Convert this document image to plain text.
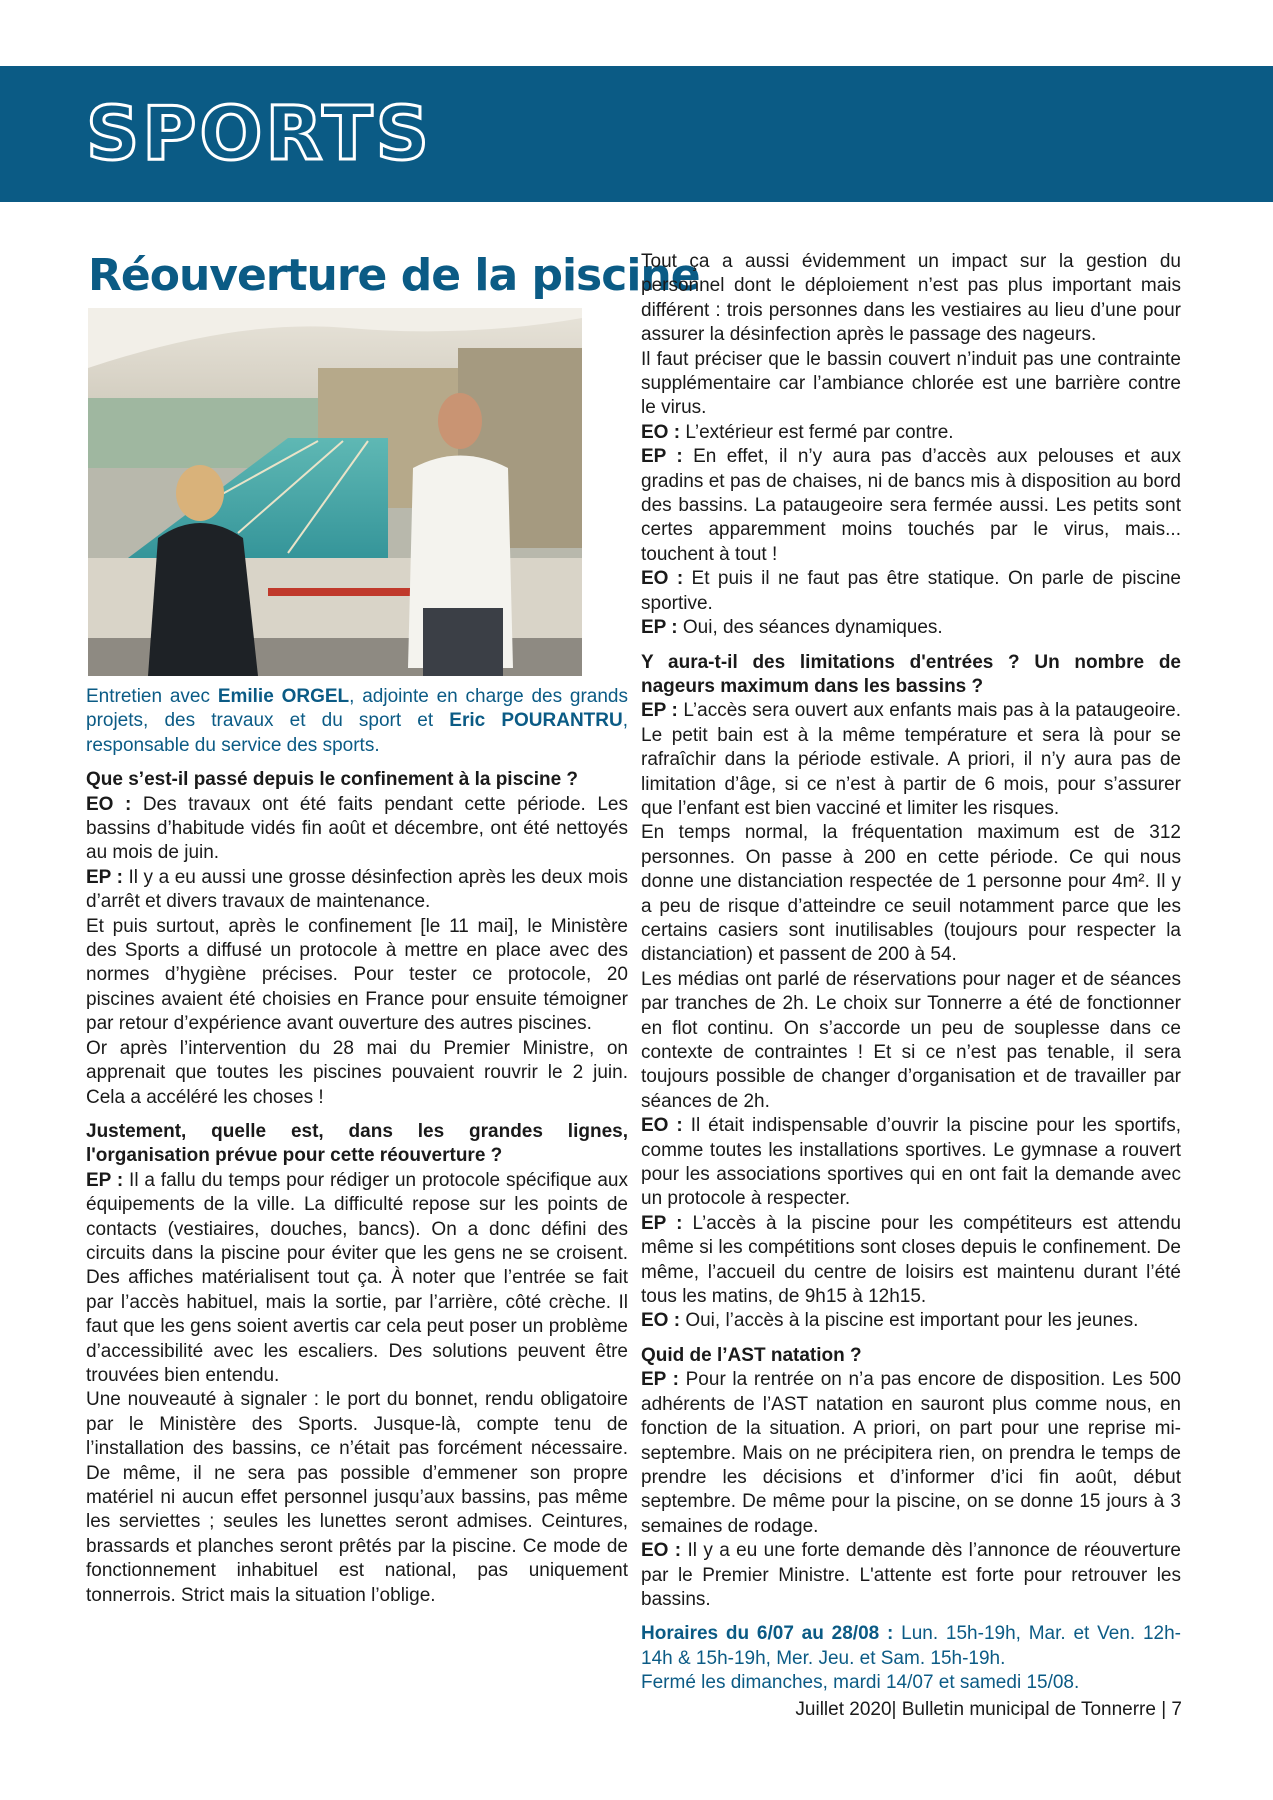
SPORTS
Réouverture de la piscine

Entretien avec Emilie ORGEL, adjointe en charge des grands projets, des travaux et du sport et Eric POURANTRU, responsable du service des sports.

Que s’est-il passé depuis le confinement à la piscine ?

EO : Des travaux ont été faits pendant cette période. Les bassins d’habitude vidés fin août et décembre, ont été nettoyés au mois de juin.

EP : Il y a eu aussi une grosse désinfection après les deux mois d’arrêt et divers travaux de maintenance.

Et puis surtout, après le confinement [le 11 mai], le Ministère des Sports a diffusé un protocole à mettre en place avec des normes d’hygiène précises. Pour tester ce protocole, 20 piscines avaient été choisies en France pour ensuite témoigner par retour d’expérience avant ouverture des autres piscines.

Or après l’intervention du 28 mai du Premier Ministre, on apprenait que toutes les piscines pouvaient rouvrir le 2 juin. Cela a accéléré les choses !

Justement, quelle est, dans les grandes lignes, l'organisation prévue pour cette réouverture ?

EP : Il a fallu du temps pour rédiger un protocole spécifique aux équipements de la ville. La difficulté repose sur les points de contacts (vestiaires, douches, bancs). On a donc défini des circuits dans la piscine pour éviter que les gens ne se croisent. Des affiches matérialisent tout ça. À noter que l’entrée se fait par l’accès habituel, mais la sortie, par l’arrière, côté crèche. Il faut que les gens soient avertis car cela peut poser un problème d’accessibilité avec les escaliers. Des solutions peuvent être trouvées bien entendu.

Une nouveauté à signaler : le port du bonnet, rendu obligatoire par le Ministère des Sports. Jusque-là, compte tenu de l’installation des bassins, ce n’était pas forcément nécessaire. De même, il ne sera pas possible d’emmener son propre matériel ni aucun effet personnel jusqu’aux bassins, pas même les serviettes ; seules les lunettes seront admises. Ceintures, brassards et planches seront prêtés par la piscine. Ce mode de fonctionnement inhabituel est national, pas uniquement tonnerrois. Strict mais la situation l’oblige.

Tout ça a aussi évidemment un impact sur la gestion du personnel dont le déploiement n’est pas plus important mais différent : trois personnes dans les vestiaires au lieu d’une pour assurer la désinfection après le passage des nageurs.

Il faut préciser que le bassin couvert n’induit pas une contrainte supplémentaire car l’ambiance chlorée est une barrière contre le virus.

EO : L’extérieur est fermé par contre.

EP : En effet, il n’y aura pas d’accès aux pelouses et aux gradins et pas de chaises, ni de bancs mis à disposition au bord des bassins. La pataugeoire sera fermée aussi. Les petits sont certes apparemment moins touchés par le virus, mais... touchent à tout !

EO : Et puis il ne faut pas être statique. On parle de piscine sportive.

EP : Oui, des séances dynamiques.

Y aura-t-il des limitations d'entrées ? Un nombre de nageurs maximum dans les bassins ?

EP : L’accès sera ouvert aux enfants mais pas à la pataugeoire. Le petit bain est à la même température et sera là pour se rafraîchir dans la période estivale. A priori, il n’y aura pas de limitation d’âge, si ce n’est à partir de 6 mois, pour s’assurer que l’enfant est bien vacciné et limiter les risques.

En temps normal, la fréquentation maximum est de 312 personnes. On passe à 200 en cette période. Ce qui nous donne une distanciation respectée de 1 personne pour 4m². Il y a peu de risque d’atteindre ce seuil notamment parce que les certains casiers sont inutilisables (toujours pour respecter la distanciation) et passent de 200 à 54.

Les médias ont parlé de réservations pour nager et de séances par tranches de 2h. Le choix sur Tonnerre a été de fonctionner en flot continu. On s’accorde un peu de souplesse dans ce contexte de contraintes ! Et si ce n’est pas tenable, il sera toujours possible de changer d’organisation et de travailler par séances de 2h.

EO : Il était indispensable d’ouvrir la piscine pour les sportifs, comme toutes les installations sportives. Le gymnase a rouvert pour les associations sportives qui en ont fait la demande avec un protocole à respecter.

EP : L’accès à la piscine pour les compétiteurs est attendu même si les compétitions sont closes depuis le confinement. De même, l’accueil du centre de loisirs est maintenu durant l’été tous les matins, de 9h15 à 12h15.

EO : Oui, l’accès à la piscine est important pour les jeunes.

Quid de l’AST natation ?

EP : Pour la rentrée on n’a pas encore de disposition. Les 500 adhérents de l’AST natation en sauront plus comme nous, en fonction de la situation. A priori, on part pour une reprise mi-septembre. Mais on ne précipitera rien, on prendra le temps de prendre les décisions et d’informer d’ici fin août, début septembre. De même pour la piscine, on se donne 15 jours à 3 semaines de rodage.

EO : Il y a eu une forte demande dès l’annonce de réouverture par le Premier Ministre. L'attente est forte pour retrouver les bassins.

Horaires du 6/07 au 28/08 : Lun. 15h-19h, Mar. et Ven. 12h-14h & 15h-19h, Mer. Jeu. et Sam. 15h-19h.

Fermé les dimanches, mardi 14/07 et samedi 15/08.

Juillet 2020| Bulletin municipal de Tonnerre | 7
